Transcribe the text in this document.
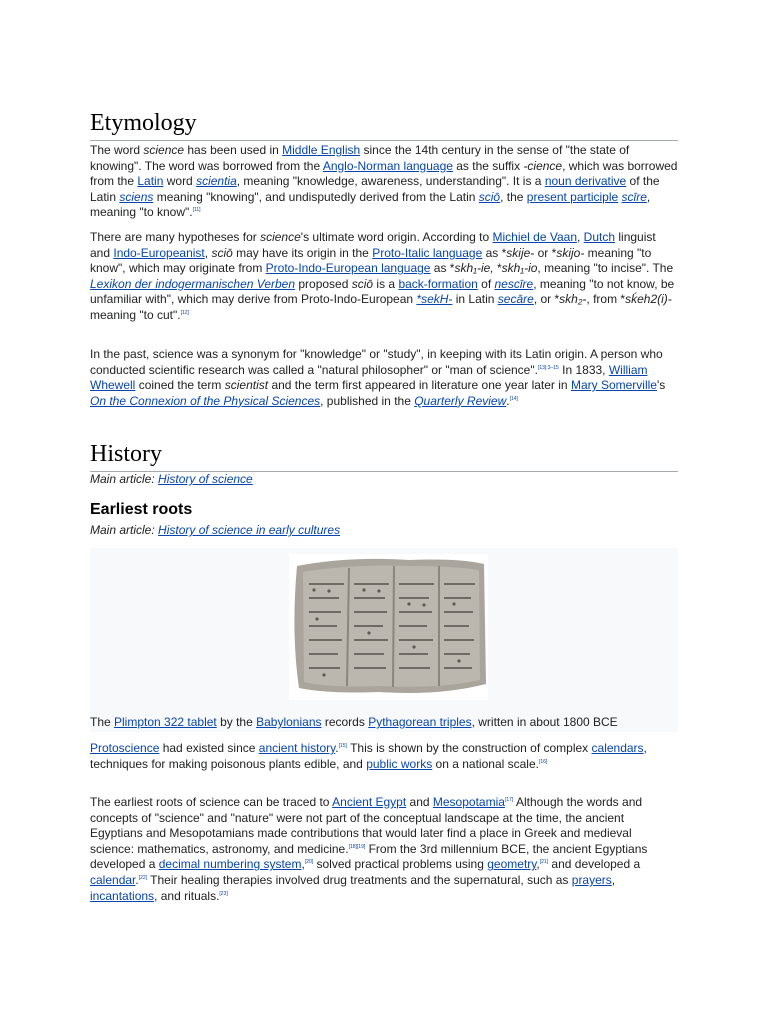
Etymology

The word science has been used in Middle English since the 14th century in the sense of "the state of knowing". The word was borrowed from the Anglo-Norman language as the suffix -cience, which was borrowed from the Latin word scientia, meaning "knowledge, awareness, understanding". It is a noun derivative of the Latin sciens meaning "knowing", and undisputedly derived from the Latin sciō, the present participle scīre, meaning "to know".[11]

There are many hypotheses for science's ultimate word origin. According to Michiel de Vaan, Dutch linguist and Indo-Europeanist, sciō may have its origin in the Proto-Italic language as *skije- or *skijo- meaning "to know", which may originate from Proto-Indo-European language as *skh₁-ie, *skh₁-io, meaning "to incise". The Lexikon der indogermanischen Verben proposed sciō is a back-formation of nescīre, meaning "to not know, be unfamiliar with", which may derive from Proto-Indo-European *sekH- in Latin secāre, or *skh₂-, from *sḱeh2(i)- meaning "to cut".[12]

In the past, science was a synonym for "knowledge" or "study", in keeping with its Latin origin. A person who conducted scientific research was called a "natural philosopher" or "man of science".$^{[13]:3-15}$ In 1833, William Whewell coined the term scientist and the term first appeared in literature one year later in Mary Somerville's On the Connexion of the Physical Sciences, published in the Quarterly Review.[14]

History
Main article: History of science
Earliest roots
Main article: History of science in early cultures
The Plimpton 322 tablet by the Babylonians records Pythagorean triples, written in about 1800 BCE

Protoscience had existed since ancient history.[15] This is shown by the construction of complex calendars, techniques for making poisonous plants edible, and public works on a national scale.[16]

The earliest roots of science can be traced to Ancient Egypt and Mesopotamia[17] Although the words and concepts of "science" and "nature" were not part of the conceptual landscape at the time, the ancient Egyptians and Mesopotamians made contributions that would later find a place in Greek and medieval science: mathematics, astronomy, and medicine.[18][19] From the 3rd millennium BCE, the ancient Egyptians developed a decimal numbering system,[20] solved practical problems using geometry,[21] and developed a calendar.[22] Their healing therapies involved drug treatments and the supernatural, such as prayers, incantations, and rituals.[23]
